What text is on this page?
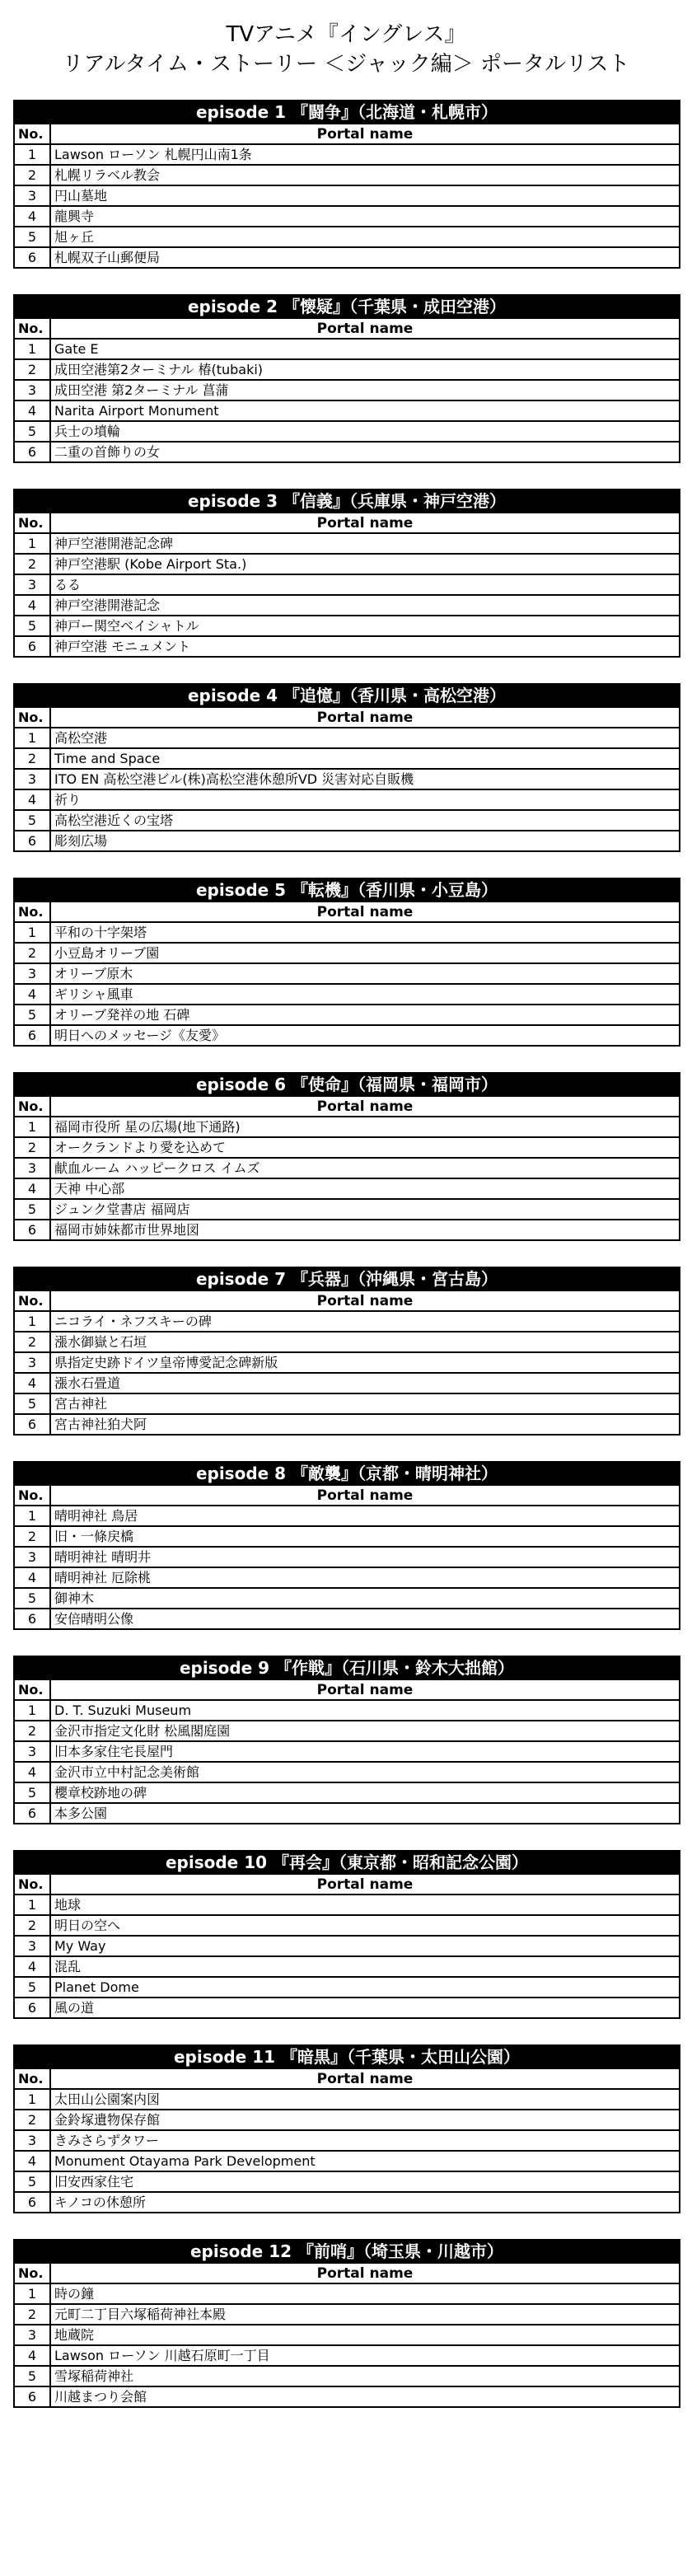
TVアニメ『イングレス』
リアルタイム・ストーリー ＜ジャック編＞ ポータルリスト
episode 1 『闘争』（北海道・札幌市）	
No.	Portal name
1	Lawson ローソン 札幌円山南1条
2	札幌リラベル教会
3	円山墓地
4	龍興寺
5	旭ヶ丘
6	札幌双子山郵便局
episode 2 『懐疑』（千葉県・成田空港）	
No.	Portal name
1	Gate E
2	成田空港第2ターミナル 椿(tubaki)
3	成田空港 第2ターミナル 菖蒲
4	Narita Airport Monument
5	兵士の墳輪
6	二重の首飾りの女
episode 3 『信義』（兵庫県・神戸空港）	
No.	Portal name
1	神戸空港開港記念碑
2	神戸空港駅 (Kobe Airport Sta.)
3	るる
4	神戸空港開港記念
5	神戸ー関空ベイシャトル
6	神戸空港 モニュメント
episode 4 『追憶』（香川県・高松空港）	
No.	Portal name
1	高松空港
2	Time and Space
3	ITO EN 高松空港ビル(株)高松空港休憩所VD 災害対応自販機
4	祈り
5	高松空港近くの宝塔
6	彫刻広場
episode 5 『転機』（香川県・小豆島）	
No.	Portal name
1	平和の十字架塔
2	小豆島オリーブ園
3	オリーブ原木
4	ギリシャ風車
5	オリーブ発祥の地 石碑
6	明日へのメッセージ《友愛》
episode 6 『使命』（福岡県・福岡市）	
No.	Portal name
1	福岡市役所 星の広場(地下通路)
2	オークランドより愛を込めて
3	献血ルーム ハッピークロス イムズ
4	天神 中心部
5	ジュンク堂書店 福岡店
6	福岡市姉妹都市世界地図
episode 7 『兵器』（沖縄県・宮古島）	
No.	Portal name
1	ニコライ・ネフスキーの碑
2	漲水御嶽と石垣
3	県指定史跡ドイツ皇帝博愛記念碑新版
4	漲水石畳道
5	宮古神社
6	宮古神社狛犬阿
episode 8 『敵襲』（京都・晴明神社）	
No.	Portal name
1	晴明神社 鳥居
2	旧・一條戻橋
3	晴明神社 晴明井
4	晴明神社 厄除桃
5	御神木
6	安倍晴明公像
episode 9 『作戦』（石川県・鈴木大拙館）	
No.	Portal name
1	D. T. Suzuki Museum
2	金沢市指定文化財 松風閣庭園
3	旧本多家住宅長屋門
4	金沢市立中村記念美術館
5	櫻章校跡地の碑
6	本多公園
episode 10 『再会』（東京都・昭和記念公園）	
No.	Portal name
1	地球
2	明日の空へ
3	My Way
4	混乱
5	Planet Dome
6	風の道
episode 11 『暗黒』（千葉県・太田山公園）	
No.	Portal name
1	太田山公園案内図
2	金鈴塚遺物保存館
3	きみさらずタワー
4	Monument Otayama Park Development
5	旧安西家住宅
6	キノコの休憩所
episode 12 『前哨』（埼玉県・川越市）	
No.	Portal name
1	時の鐘
2	元町二丁目六塚稲荷神社本殿
3	地蔵院
4	Lawson ローソン 川越石原町一丁目
5	雪塚稲荷神社
6	川越まつり会館
